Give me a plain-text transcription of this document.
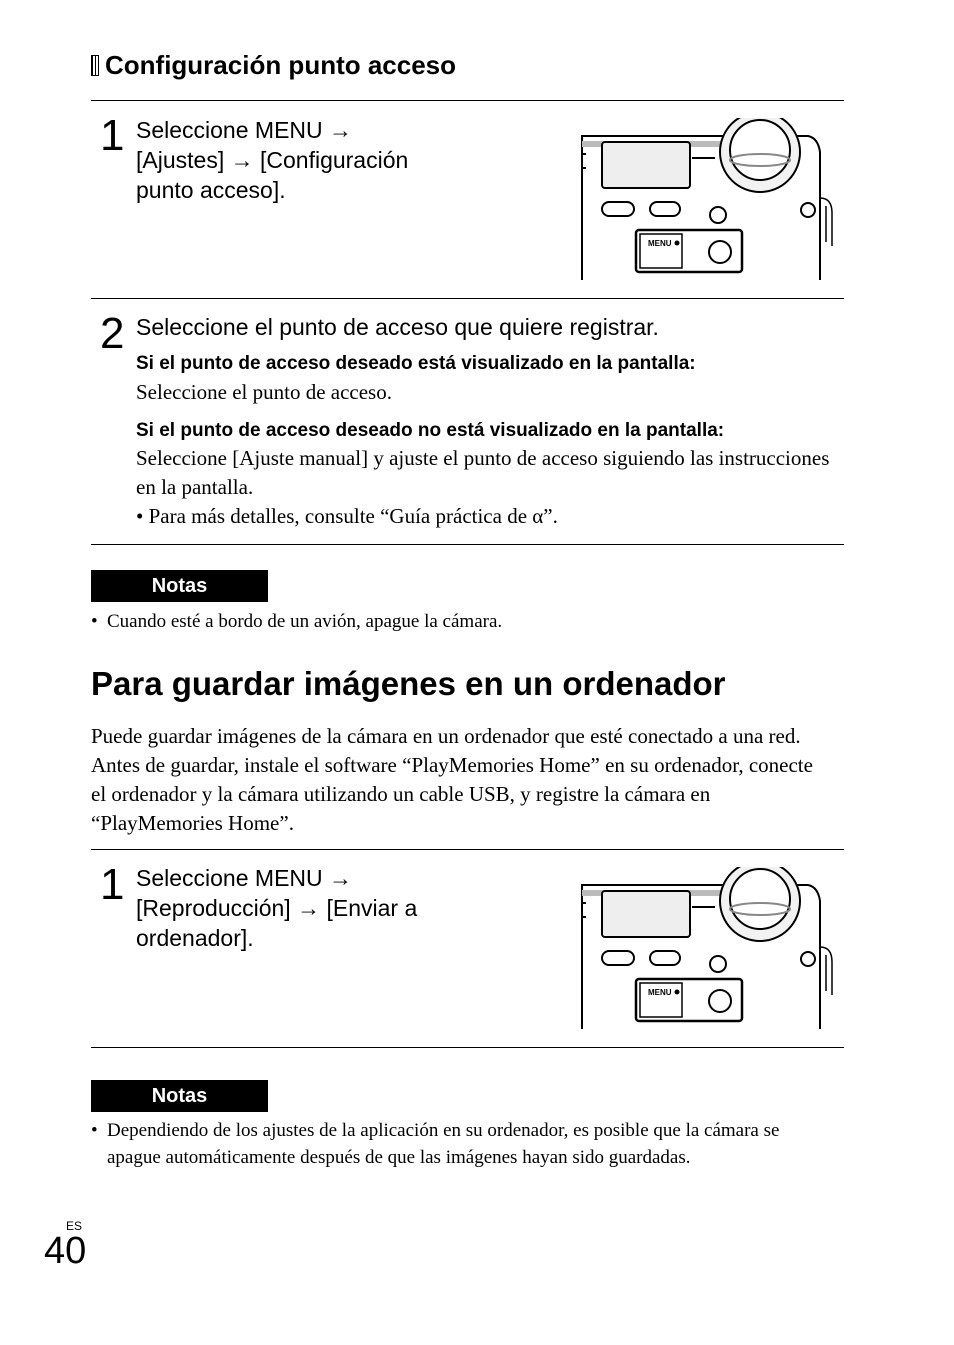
Configuración punto acceso
1 Seleccione MENU →
[Ajustes] → [Configuración
punto acceso].
MENU
2 Seleccione el punto de acceso que quiere registrar.
Si el punto de acceso deseado está visualizado en la pantalla:
Seleccione el punto de acceso.
Si el punto de acceso deseado no está visualizado en la pantalla:
Seleccione [Ajuste manual] y ajuste el punto de acceso siguiendo las instrucciones en la pantalla.
• Para más detalles, consulte “Guía práctica de α”.
Notas
• Cuando esté a bordo de un avión, apague la cámara.
Para guardar imágenes en un ordenador
Puede guardar imágenes de la cámara en un ordenador que esté conectado a una red. Antes de guardar, instale el software “PlayMemories Home” en su ordenador, conecte el ordenador y la cámara utilizando un cable USB, y registre la cámara en “PlayMemories Home”.
1 Seleccione MENU →
[Reproducción] → [Enviar a
ordenador].
MENU
Notas
• Dependiendo de los ajustes de la aplicación en su ordenador, es posible que la cámara se apague automáticamente después de que las imágenes hayan sido guardadas.
ES
40
